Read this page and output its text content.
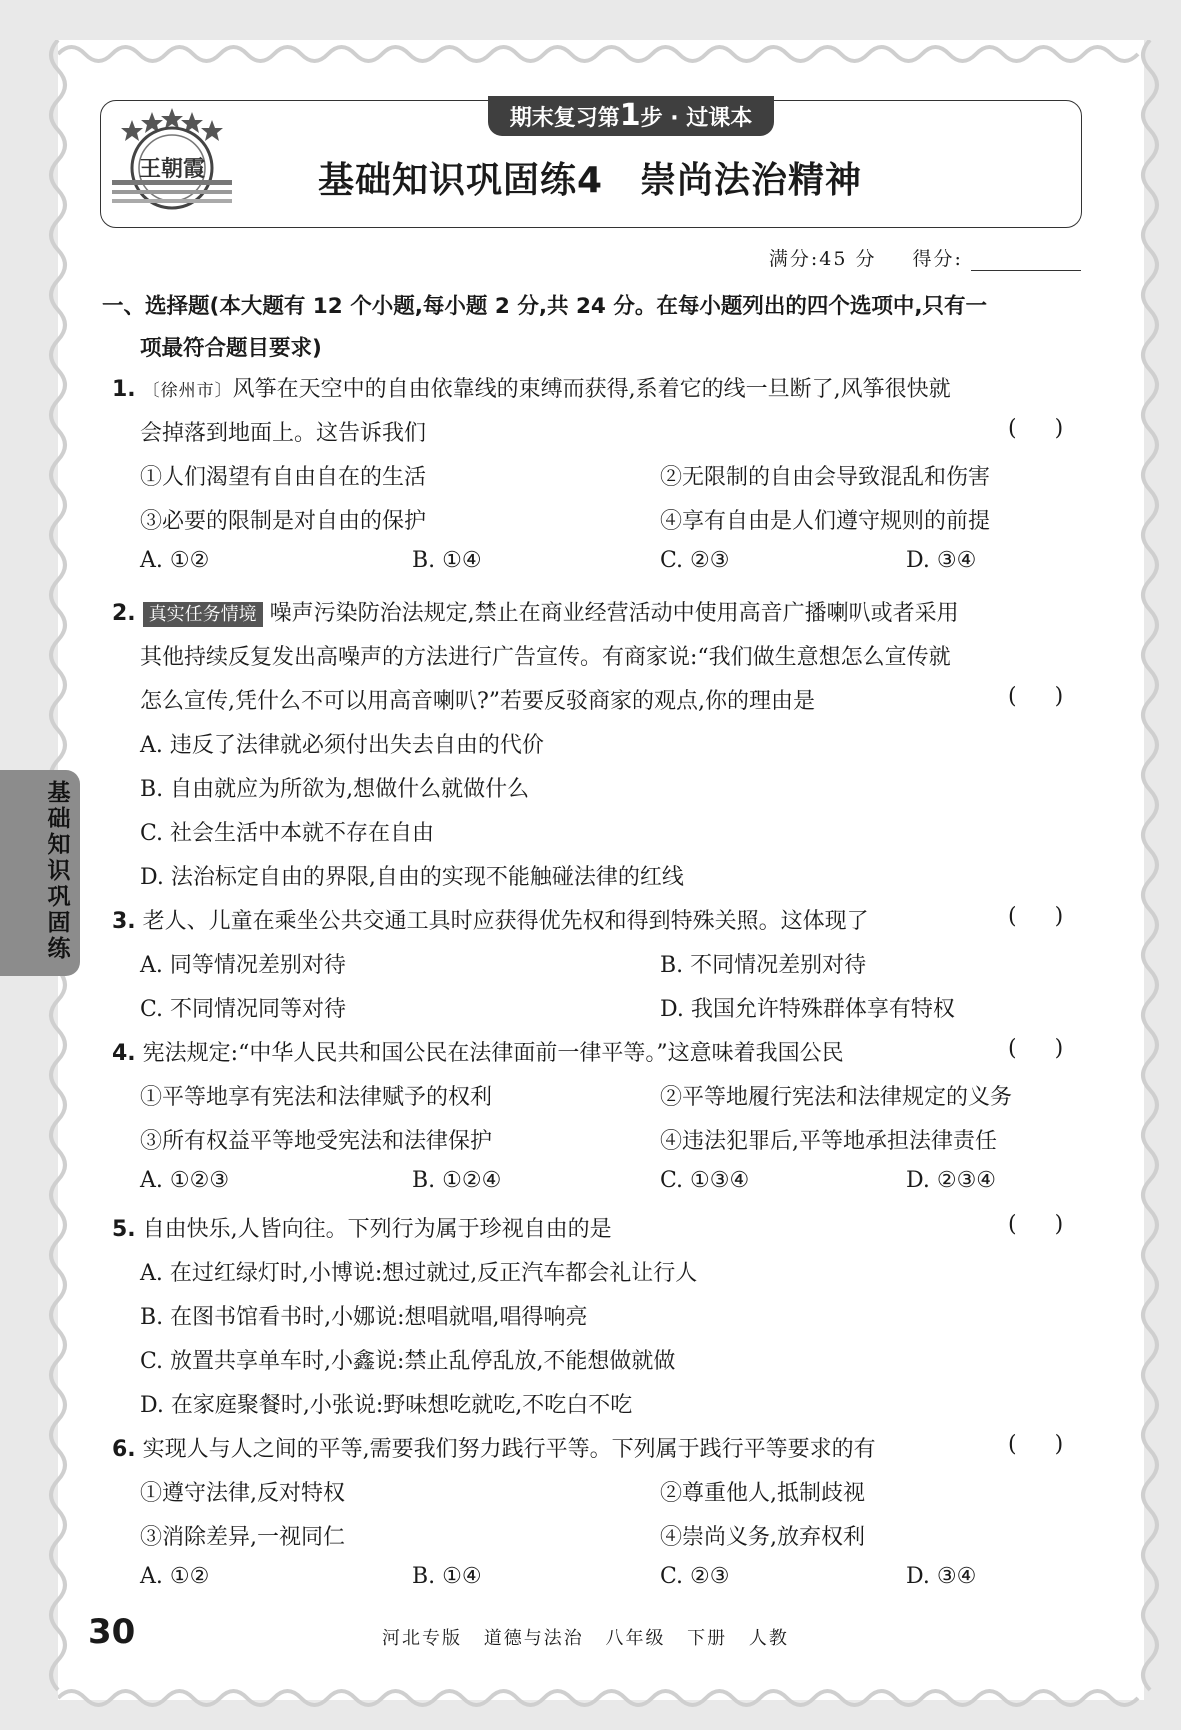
期末复习第1步 · 过课本
王朝霞	基础知识巩固练4　崇尚法治精神
满分:45 分 得分:
一、选择题(本大题有 12 个小题,每小题 2 分,共 24 分。在每小题列出的四个选项中,只有一
项最符合题目要求)
1. 〔徐州市〕风筝在天空中的自由依靠线的束缚而获得,系着它的线一旦断了,风筝很快就
会掉落到地面上。这告诉我们	()
①人们渴望有自由自在的生活	②无限制的自由会导致混乱和伤害
③必要的限制是对自由的保护	④享有自由是人们遵守规则的前提
A. ①②	B. ①④	C. ②③	D. ③④
2. 真实任务情境 噪声污染防治法规定,禁止在商业经营活动中使用高音广播喇叭或者采用
其他持续反复发出高噪声的方法进行广告宣传。有商家说:“我们做生意想怎么宣传就
怎么宣传,凭什么不可以用高音喇叭?”若要反驳商家的观点,你的理由是	()
A. 违反了法律就必须付出失去自由的代价
B. 自由就应为所欲为,想做什么就做什么
C. 社会生活中本就不存在自由
D. 法治标定自由的界限,自由的实现不能触碰法律的红线
3. 老人、儿童在乘坐公共交通工具时应获得优先权和得到特殊关照。这体现了	()
A. 同等情况差别对待	B. 不同情况差别对待
C. 不同情况同等对待	D. 我国允许特殊群体享有特权
4. 宪法规定:“中华人民共和国公民在法律面前一律平等。”这意味着我国公民	()
①平等地享有宪法和法律赋予的权利	②平等地履行宪法和法律规定的义务
③所有权益平等地受宪法和法律保护	④违法犯罪后,平等地承担法律责任
A. ①②③	B. ①②④	C. ①③④	D. ②③④
5. 自由快乐,人皆向往。下列行为属于珍视自由的是	()
A. 在过红绿灯时,小博说:想过就过,反正汽车都会礼让行人
B. 在图书馆看书时,小娜说:想唱就唱,唱得响亮
C. 放置共享单车时,小鑫说:禁止乱停乱放,不能想做就做
D. 在家庭聚餐时,小张说:野味想吃就吃,不吃白不吃
6. 实现人与人之间的平等,需要我们努力践行平等。下列属于践行平等要求的有	()
①遵守法律,反对特权	②尊重他人,抵制歧视
③消除差异,一视同仁	④崇尚义务,放弃权利
A. ①②	B. ①④	C. ②③	D. ③④
基础知识巩固练
30	河北专版 道德与法治 八年级 下册 人教
